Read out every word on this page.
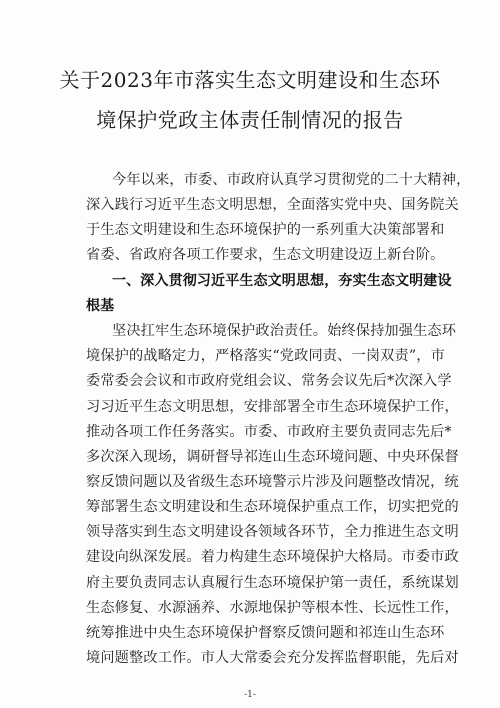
关于2023年市落实生态文明建设和生态环
境保护党政主体责任制情况的报告
今年以来，市委、市政府认真学习贯彻党的二十大精神，
深入践行习近平生态文明思想，全面落实党中央、国务院关
于生态文明建设和生态环境保护的一系列重大决策部署和
省委、省政府各项工作要求，生态文明建设迈上新台阶。
一、深入贯彻习近平生态文明思想，夯实生态文明建设
根基
坚决扛牢生态环境保护政治责任。始终保持加强生态环
境保护的战略定力，严格落实“党政同责、一岗双责”，市
委常委会会议和市政府党组会议、常务会议先后*次深入学
习习近平生态文明思想，安排部署全市生态环境保护工作，
推动各项工作任务落实。市委、市政府主要负责同志先后*
多次深入现场，调研督导祁连山生态环境问题、中央环保督
察反馈问题以及省级生态环境警示片涉及问题整改情况，统
筹部署生态文明建设和生态环境保护重点工作，切实把党的
领导落实到生态文明建设各领域各环节，全力推进生态文明
建设向纵深发展。着力构建生态环境保护大格局。市委市政
府主要负责同志认真履行生态环境保护第一责任，系统谋划
生态修复、水源涵养、水源地保护等根本性、长远性工作，
统筹推进中央生态环境保护督察反馈问题和祁连山生态环
境问题整改工作。市人大常委会充分发挥监督职能，先后对
-1-
